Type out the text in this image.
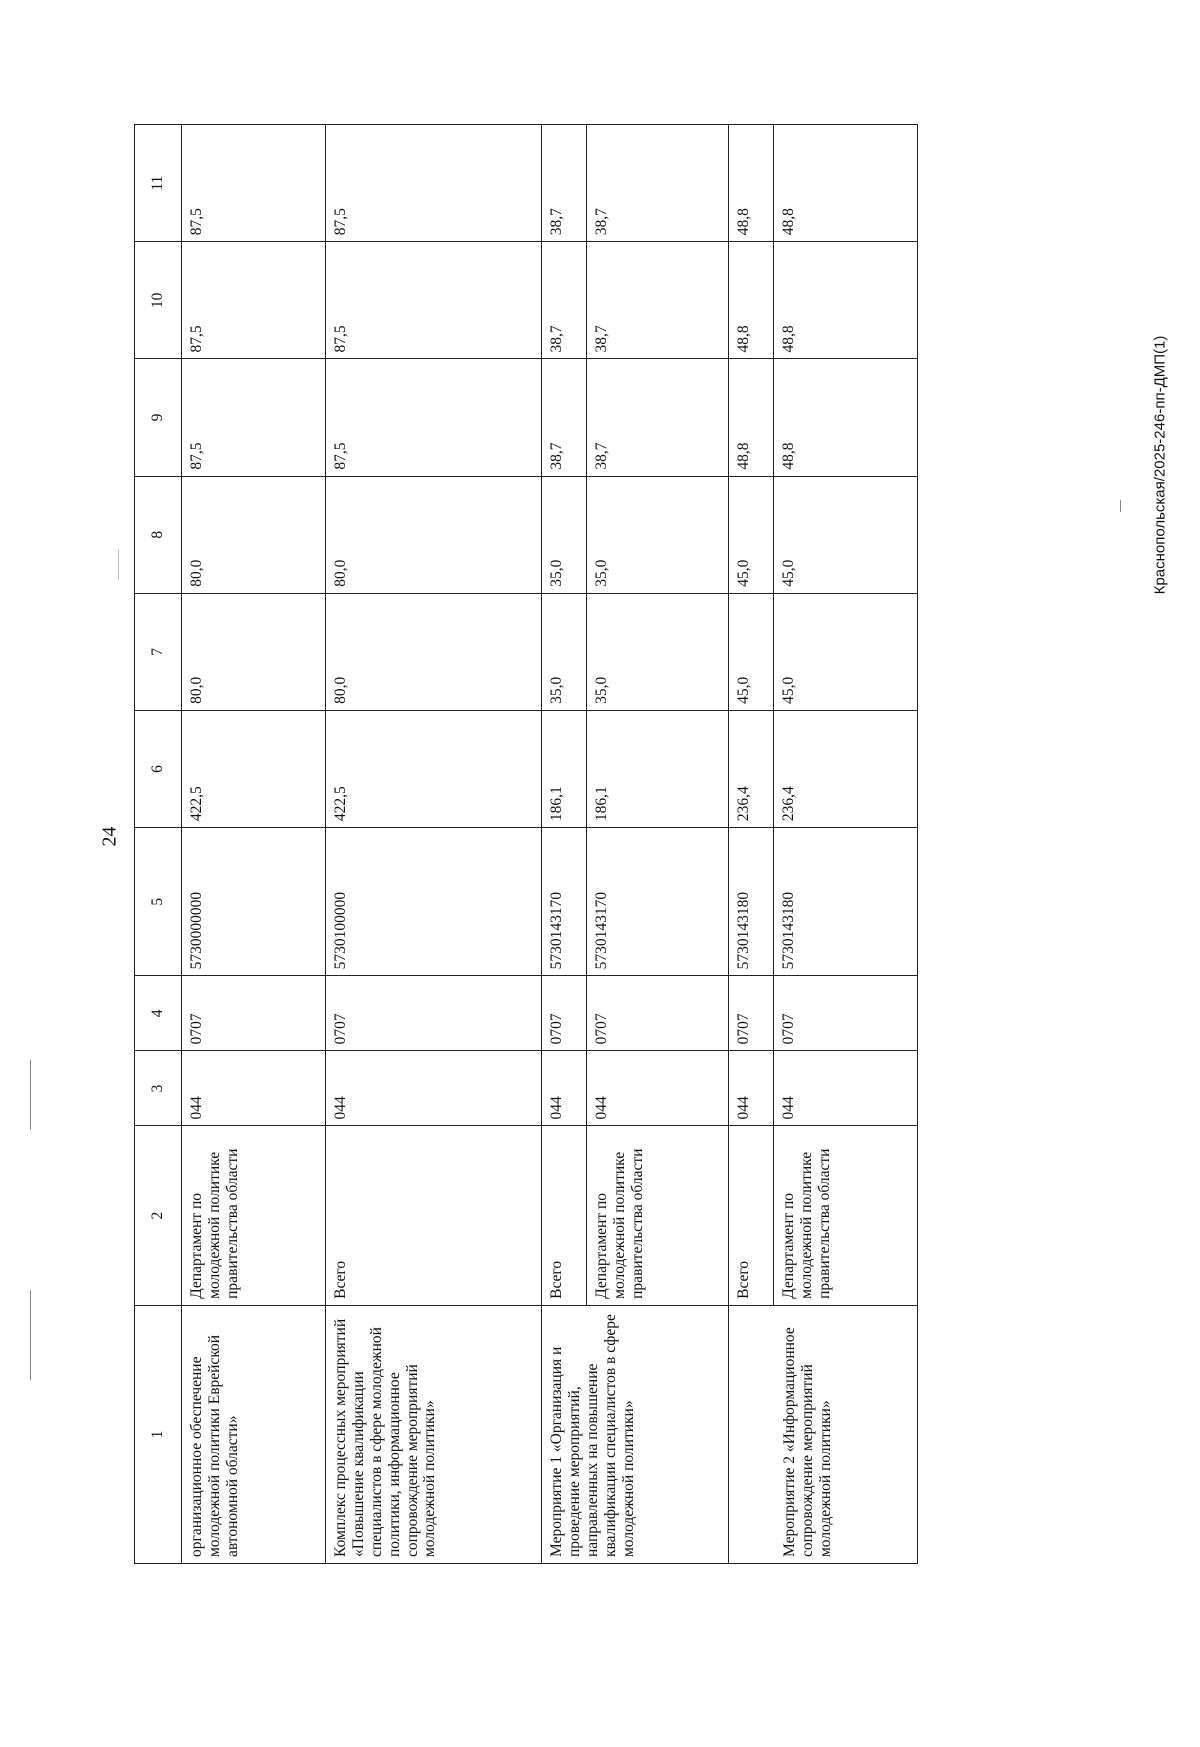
24
Краснопольская/2025-246-пп-ДМП(1)
1	2	3	4	5	6	7	8	9	10	11
организационное обеспечение молодежной политики Еврейской автономной области»	Департамент по молодежной политике правительства области	044	0707	5730000000	422,5	80,0	80,0	87,5	87,5	87,5
Комплекс процессных мероприятий «Повышение квалификации специалистов в сфере молодежной политики, информационное сопровождение мероприятий молодежной политики»	Всего	044	0707	5730100000	422,5	80,0	80,0	87,5	87,5	87,5
Мероприятие 1 «Организация и проведение мероприятий, направленных на повышение квалификации специалистов в сфере молодежной политики»	Всего	044	0707	5730143170	186,1	35,0	35,0	38,7	38,7	38,7
	Департамент по молодежной политике правительства области	044	0707	5730143170	186,1	35,0	35,0	38,7	38,7	38,7
Мероприятие 2 «Информационное сопровождение мероприятий молодежной политики»	Всего	044	0707	5730143180	236,4	45,0	45,0	48,8	48,8	48,8
	Департамент по молодежной политике правительства области	044	0707	5730143180	236,4	45,0	45,0	48,8	48,8	48,8
